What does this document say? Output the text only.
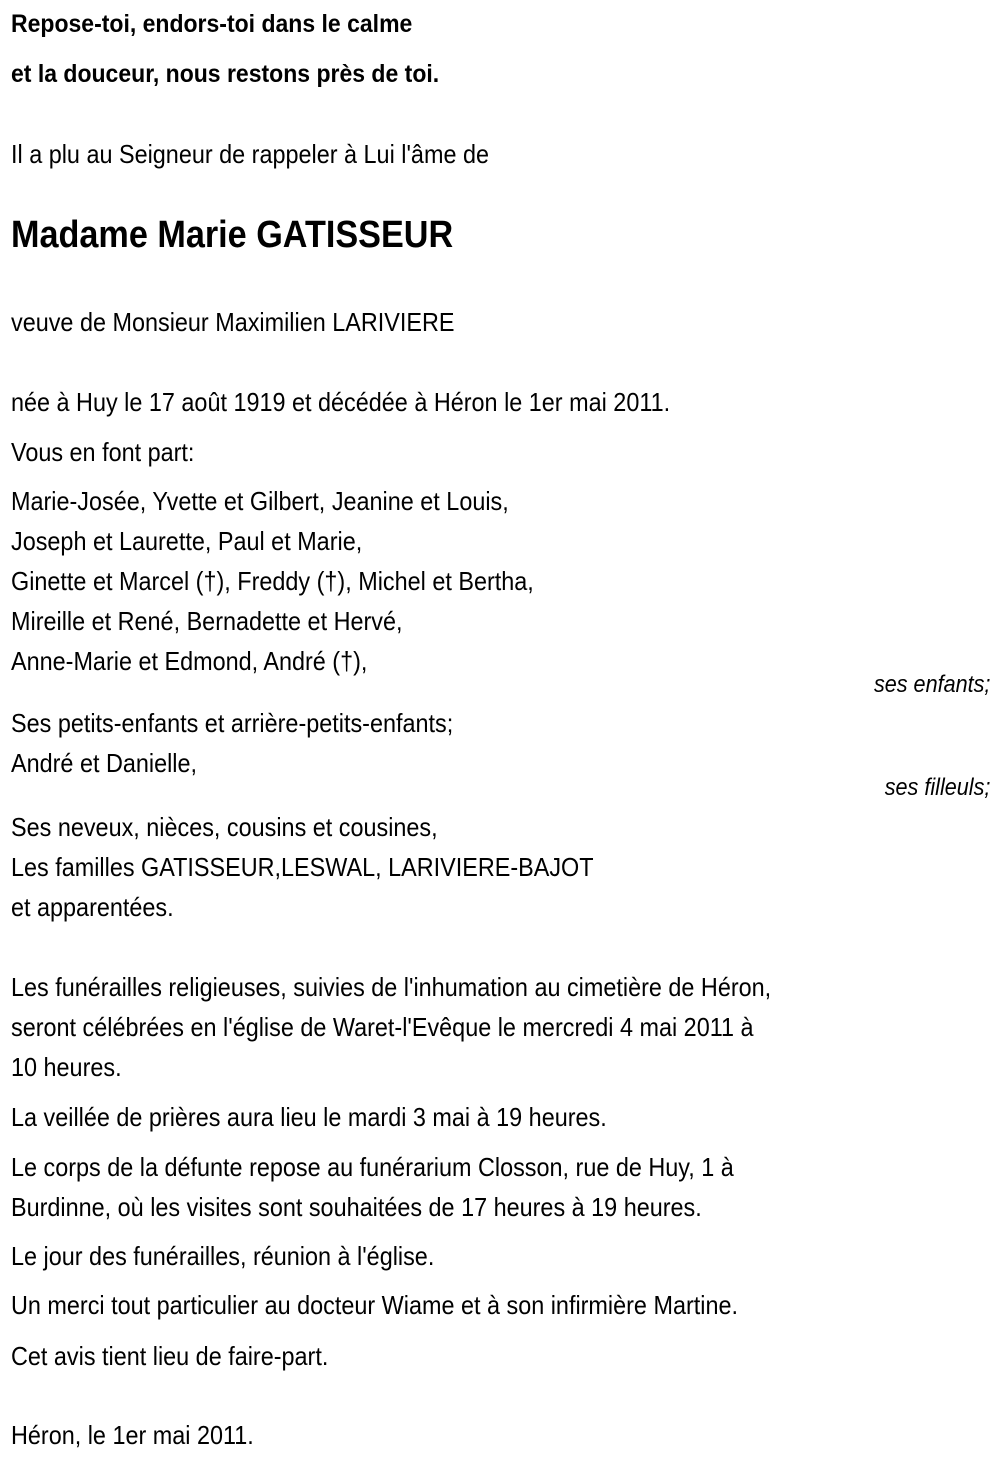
Repose-toi, endors-toi dans le calme
et la douceur, nous restons près de toi.
Il a plu au Seigneur de rappeler à Lui l'âme de
Madame Marie GATISSEUR
veuve de Monsieur Maximilien LARIVIERE
née à Huy le 17 août 1919 et décédée à Héron le 1er mai 2011.
Vous en font part:
Marie-Josée, Yvette et Gilbert, Jeanine et Louis,
Joseph et Laurette, Paul et Marie,
Ginette et Marcel (†), Freddy (†), Michel et Bertha,
Mireille et René, Bernadette et Hervé,
Anne-Marie et Edmond, André (†),
ses enfants;
Ses petits-enfants et arrière-petits-enfants;
André et Danielle,
ses filleuls;
Ses neveux, nièces, cousins et cousines,
Les familles GATISSEUR,LESWAL, LARIVIERE-BAJOT
et apparentées.
Les funérailles religieuses, suivies de l'inhumation au cimetière de Héron,
seront célébrées en l'église de Waret-l'Evêque le mercredi 4 mai 2011 à
10 heures.
La veillée de prières aura lieu le mardi 3 mai à 19 heures.
Le corps de la défunte repose au funérarium Closson, rue de Huy, 1 à
Burdinne, où les visites sont souhaitées de 17 heures à 19 heures.
Le jour des funérailles, réunion à l'église.
Un merci tout particulier au docteur Wiame et à son infirmière Martine.
Cet avis tient lieu de faire-part.
Héron, le 1er mai 2011.
